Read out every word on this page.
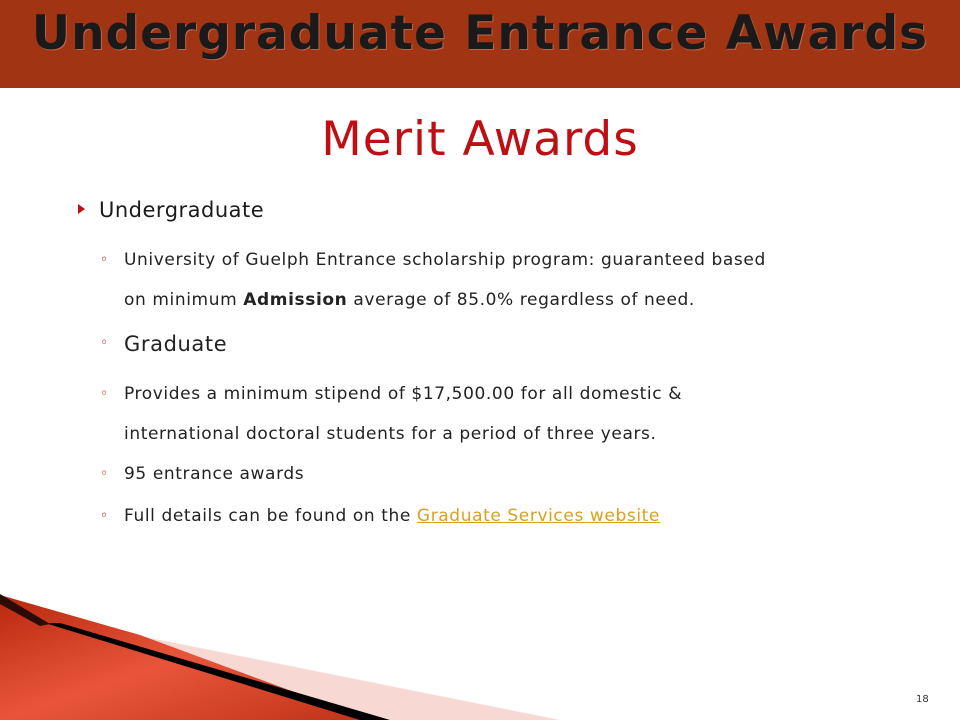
Undergraduate Entrance Awards
Merit Awards
Undergraduate
◦ University of Guelph Entrance scholarship program: guaranteed based
on minimum Admission average of 85.0% regardless of need.
◦ Graduate
◦ Provides a minimum stipend of $17,500.00 for all domestic &
international doctoral students for a period of three years.
◦ 95 entrance awards
◦ Full details can be found on the Graduate Services website
18
